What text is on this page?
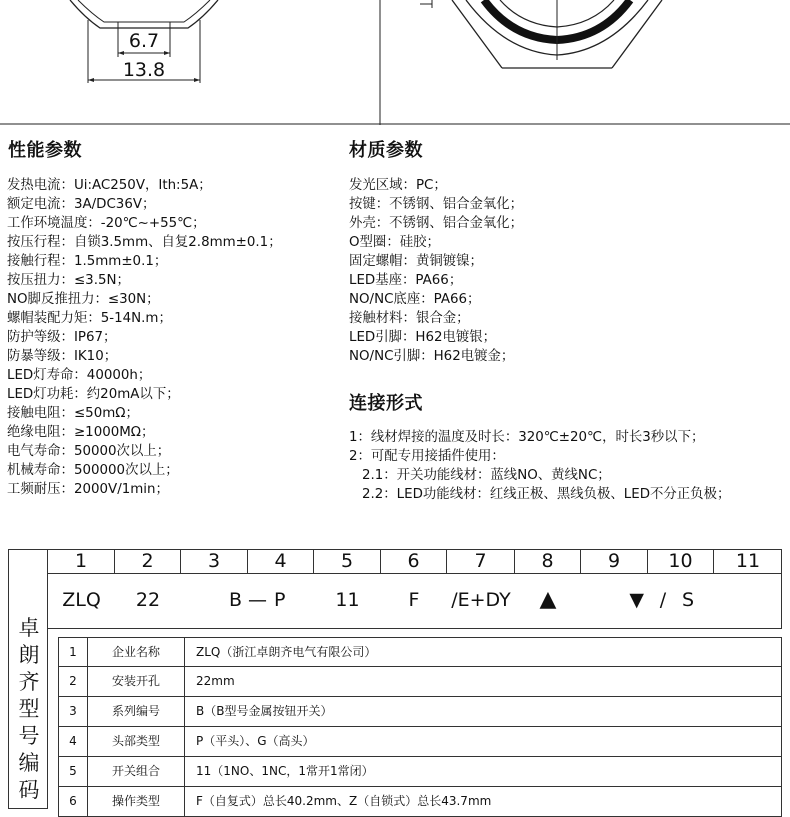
6.7
13.8
性能参数
发热电流：Ui:AC250V，Ith:5A；
额定电流：3A/DC36V；
工作环境温度：-20℃~+55℃；
按压行程：自锁3.5mm、自复2.8mm±0.1；
接触行程：1.5mm±0.1；
按压扭力：≤3.5N；
NO脚反推扭力：≤30N；
螺帽装配力矩：5-14N.m；
防护等级：IP67；
防暴等级：IK10；
LED灯寿命：40000h；
LED灯功耗：约20mA以下；
接触电阻：≤50mΩ；
绝缘电阻：≥1000MΩ；
电气寿命：50000次以上；
机械寿命：500000次以上；
工频耐压：2000V/1min；
材质参数
发光区域：PC；
按键：不锈钢、铝合金氧化；
外壳：不锈钢、铝合金氧化；
O型圈：硅胶；
固定螺帽：黄铜镀镍；
LED基座：PA66；
NO/NC底座：PA66；
接触材料：银合金；
LED引脚：H62电镀银；
NO/NC引脚：H62电镀金；
连接形式
1：线材焊接的温度及时长：320℃±20℃，时长3秒以下；
2：可配专用接插件使用：
2.1：开关功能线材：蓝线NO、黄线NC；
2.2：LED功能线材：红线正极、黑线负极、LED不分正负极；
卓
朗
齐
型
号
编
码
1	2	3	4	5	6	7	8	9	10	11
ZLQ	22	B — P	11	F	/E+DY	▲	▼ / S
1	企业名称	ZLQ（浙江卓朗齐电气有限公司）
2	安装开孔	22mm
3	系列编号	B（B型号金属按钮开关）
4	头部类型	P（平头）、G（高头）
5	开关组合	11（1NO、1NC，1常开1常闭）
6	操作类型	F（自复式）总长40.2mm、Z（自锁式）总长43.7mm
